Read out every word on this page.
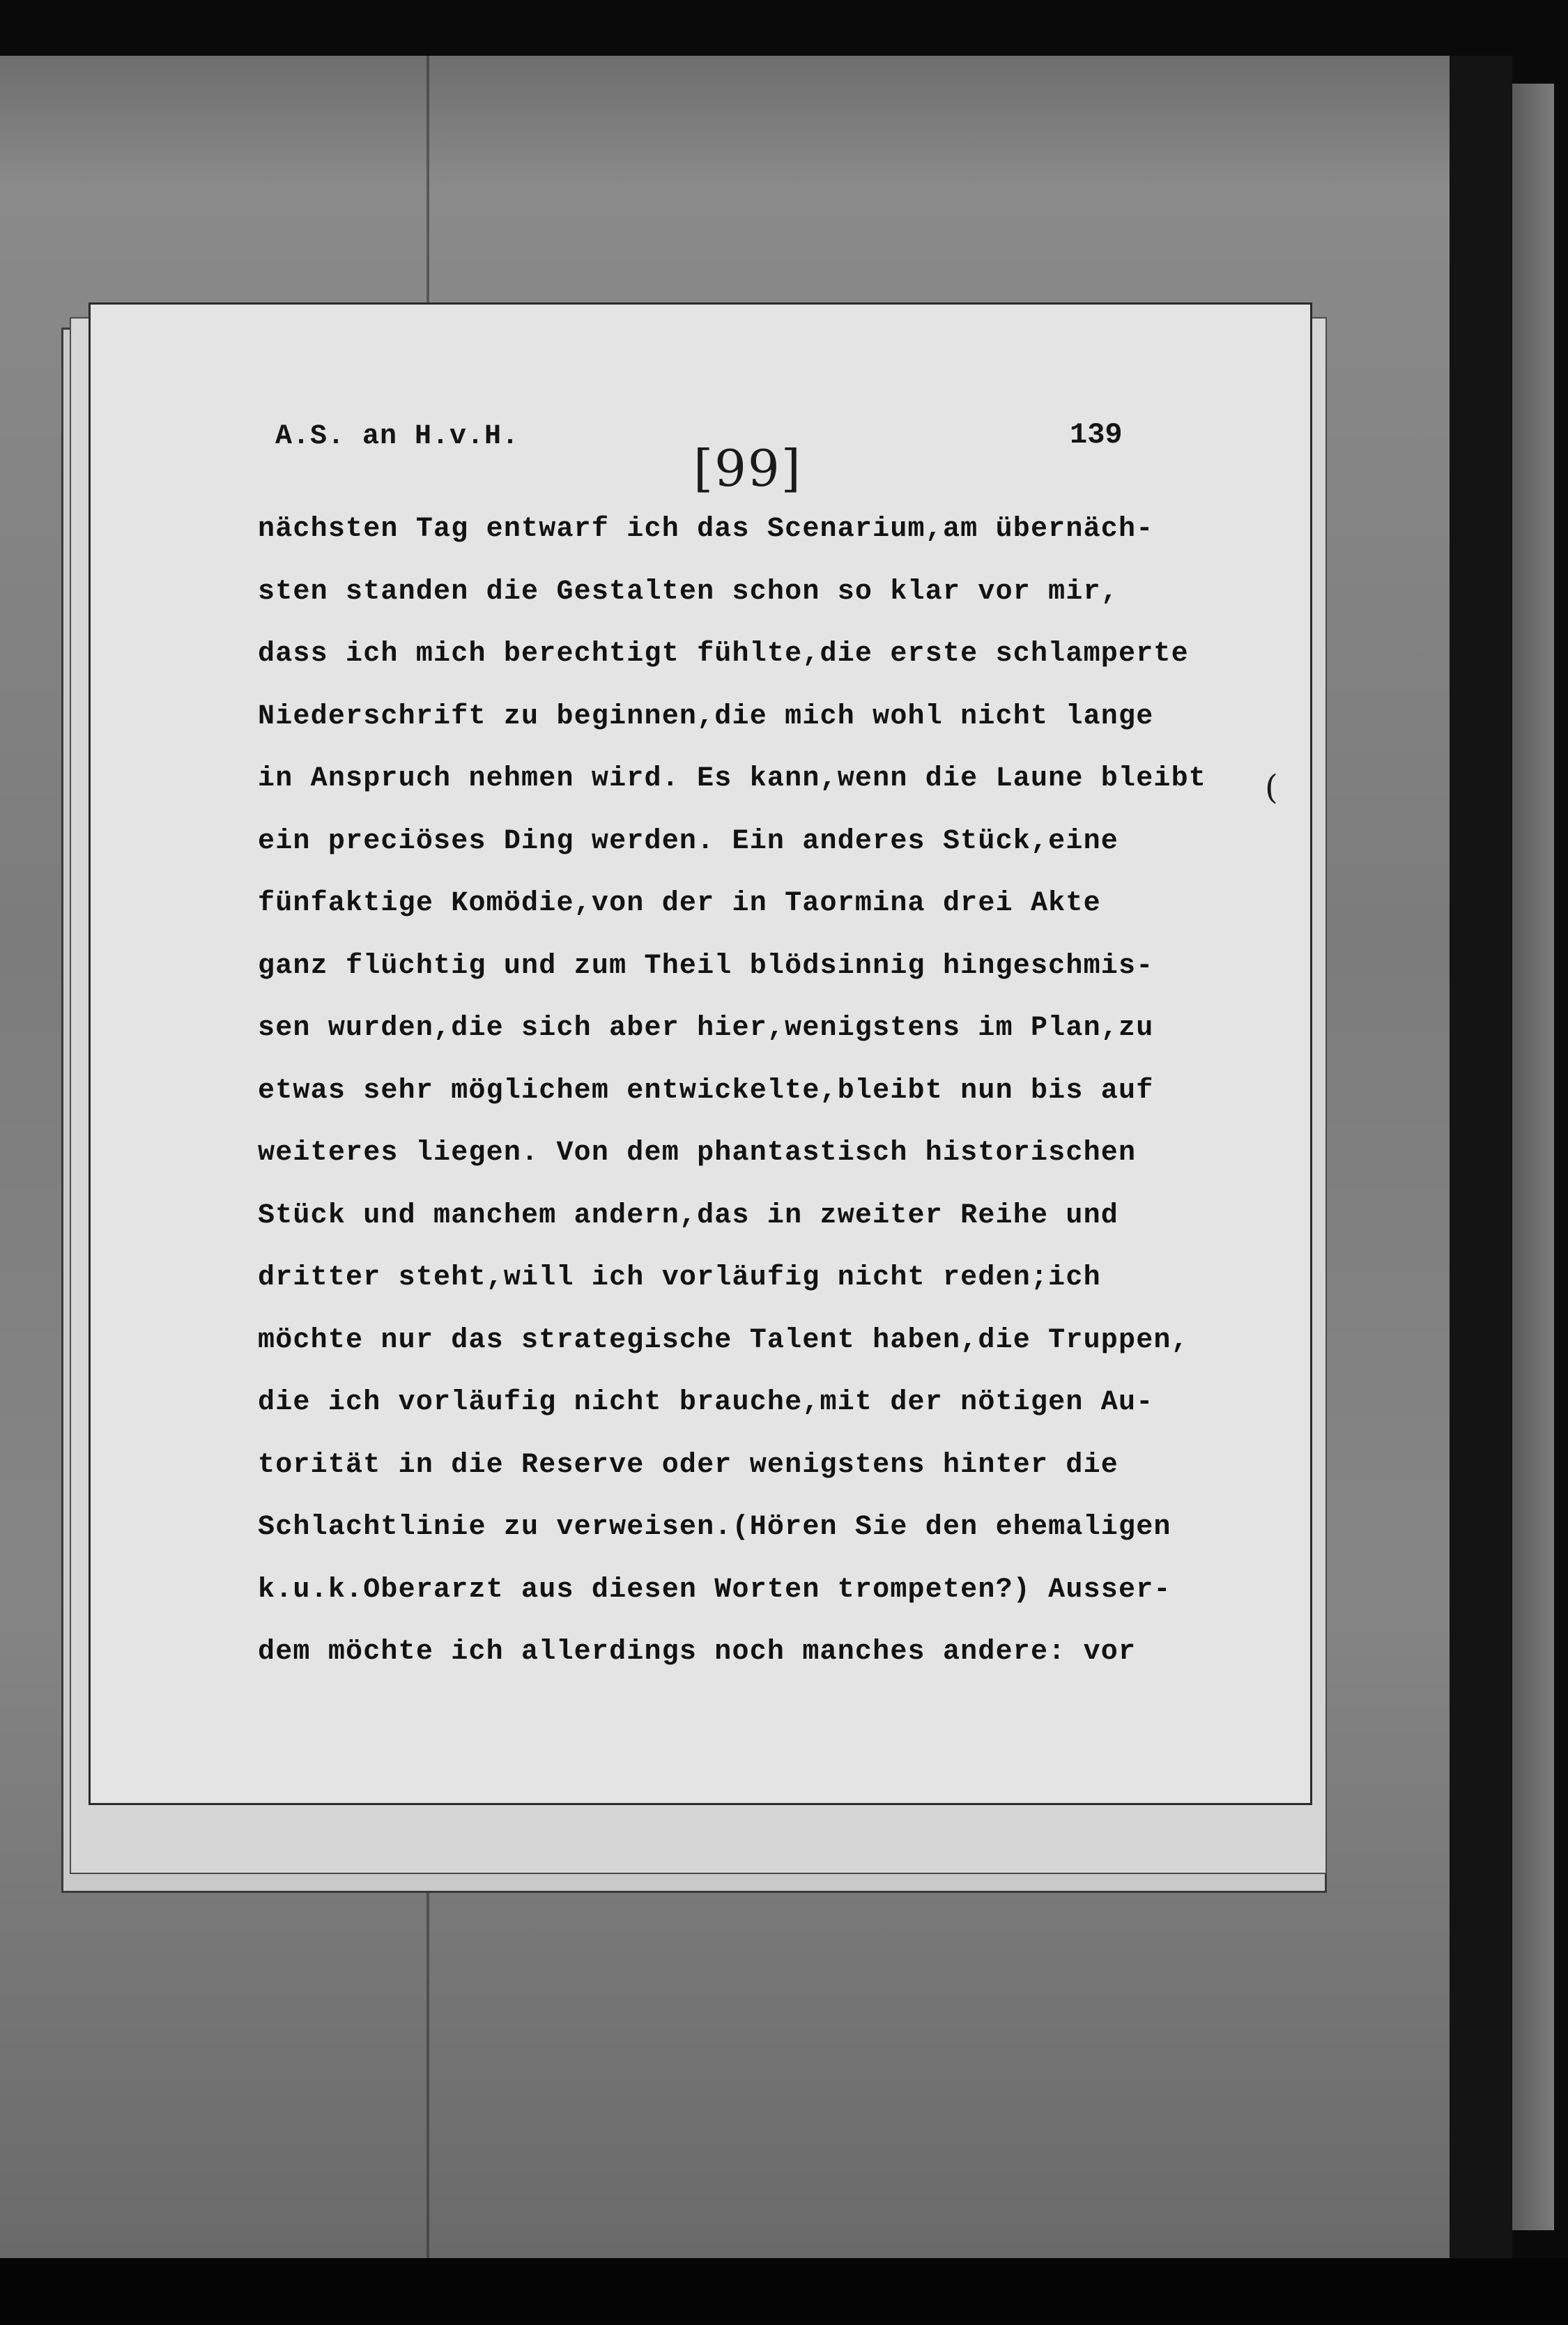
A.S. an H.v.H.
[99]
139
nächsten Tag entwarf ich das Scenarium,am übernäch-
sten standen die Gestalten schon so klar vor mir,
dass ich mich berechtigt fühlte,die erste schlamperte
Niederschrift zu beginnen,die mich wohl nicht lange
in Anspruch nehmen wird. Es kann,wenn die Laune bleibt
ein preciöses Ding werden. Ein anderes Stück,eine
fünfaktige Komödie,von der in Taormina drei Akte
ganz flüchtig und zum Theil blödsinnig hingeschmis-
sen wurden,die sich aber hier,wenigstens im Plan,zu
etwas sehr möglichem entwickelte,bleibt nun bis auf
weiteres liegen. Von dem phantastisch historischen
Stück und manchem andern,das in zweiter Reihe und
dritter steht,will ich vorläufig nicht reden;ich
möchte nur das strategische Talent haben,die Truppen,
die ich vorläufig nicht brauche,mit der nötigen Au-
torität in die Reserve oder wenigstens hinter die
Schlachtlinie zu verweisen.(Hören Sie den ehemaligen
k.u.k.Oberarzt aus diesen Worten trompeten?) Ausser-
dem möchte ich allerdings noch manches andere: vor
(
